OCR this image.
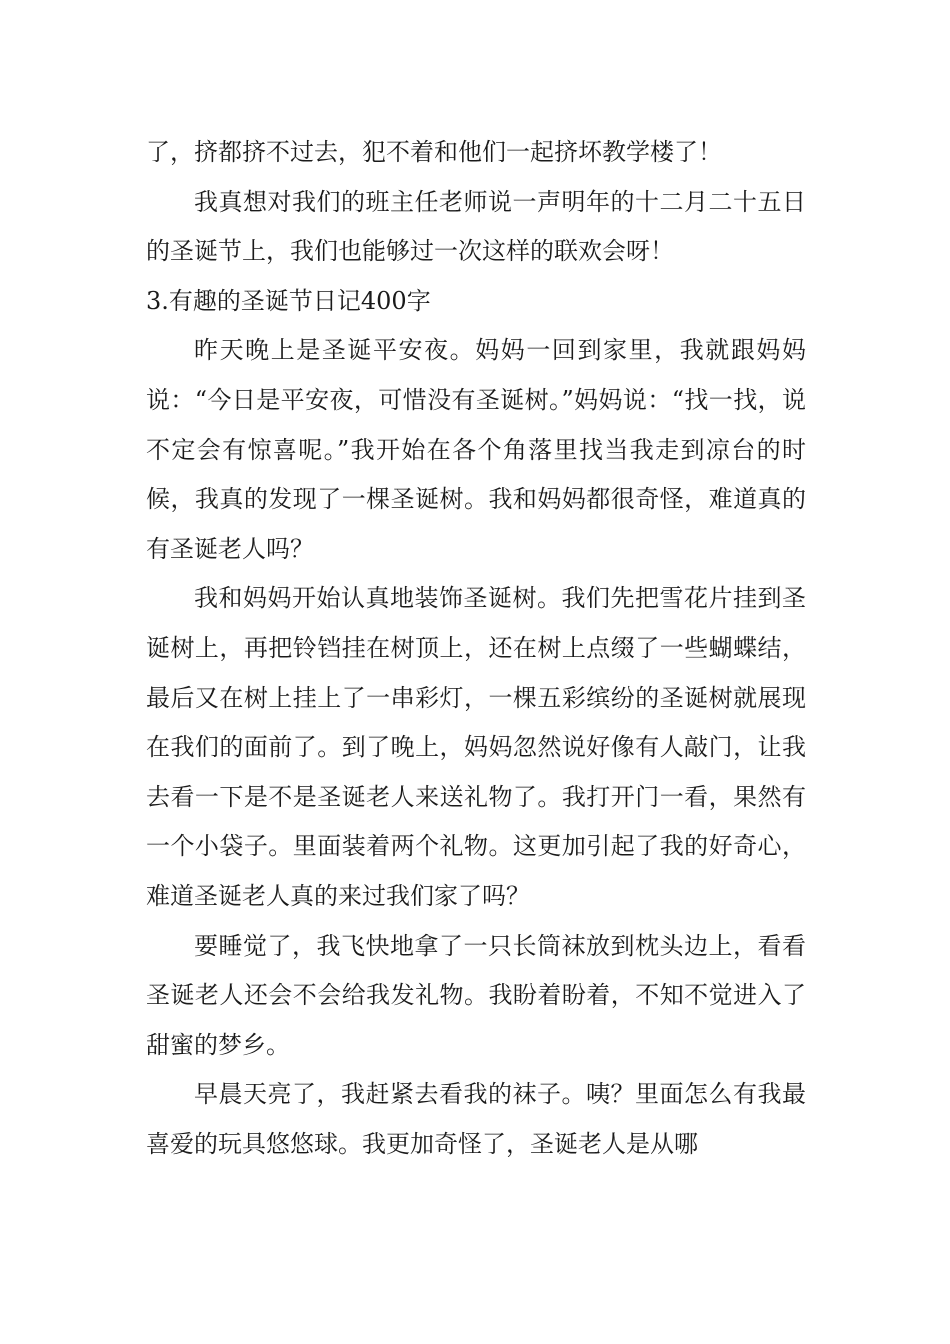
了，挤都挤不过去，犯不着和他们一起挤坏教学楼了！

我真想对我们的班主任老师说一声明年的十二月二十五日的圣诞节上，我们也能够过一次这样的联欢会呀！

3.有趣的圣诞节日记400字

昨天晚上是圣诞平安夜。妈妈一回到家里，我就跟妈妈说：“今日是平安夜，可惜没有圣诞树。”妈妈说：“找一找，说不定会有惊喜呢。”我开始在各个角落里找当我走到凉台的时候，我真的发现了一棵圣诞树。我和妈妈都很奇怪，难道真的有圣诞老人吗？

我和妈妈开始认真地装饰圣诞树。我们先把雪花片挂到圣诞树上，再把铃铛挂在树顶上，还在树上点缀了一些蝴蝶结，最后又在树上挂上了一串彩灯，一棵五彩缤纷的圣诞树就展现在我们的面前了。到了晚上，妈妈忽然说好像有人敲门，让我去看一下是不是圣诞老人来送礼物了。我打开门一看，果然有一个小袋子。里面装着两个礼物。这更加引起了我的好奇心，难道圣诞老人真的来过我们家了吗？

要睡觉了，我飞快地拿了一只长筒袜放到枕头边上，看看圣诞老人还会不会给我发礼物。我盼着盼着，不知不觉进入了甜蜜的梦乡。

早晨天亮了，我赶紧去看我的袜子。咦？里面怎么有我最喜爱的玩具悠悠球。我更加奇怪了，圣诞老人是从哪
